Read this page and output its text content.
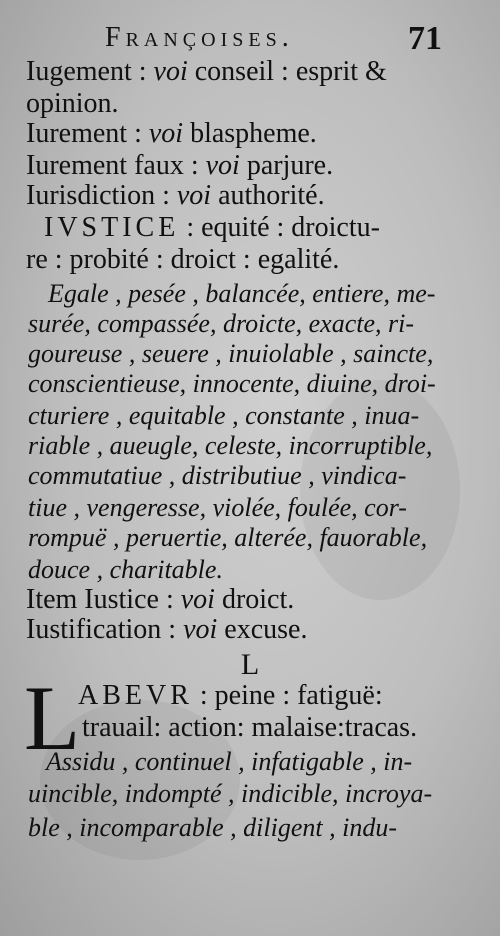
Françoises.	71
Iugement : voi conseil : esprit &
opinion.
Iurement : voi blaspheme.
Iurement faux : voi parjure.
Iurisdiction : voi authorité.
IVSTICE : equité : droictu-
re : probité : droict : egalité.
Egale , pesée , balancée, entiere, me-
surée, compassée, droicte, exacte, ri-
goureuse , seuere , inuiolable , saincte,
conscientieuse, innocente, diuine, droi-
cturiere , equitable , constante , inua-
riable , aueugle, celeste, incorruptible,
commutatiue , distributiue , vindica-
tiue , vengeresse, violée, foulée, cor-
rompuë , peruertie, alterée, fauorable,
douce , charitable.
Item Iustice : voi droict.
Iustification : voi excuse.
L
L
ABEVR : peine : fatiguë:
trauail: action: malaise:tracas.
Assidu , continuel , infatigable , in-
uincible, indompté , indicible, incroya-
ble , incomparable , diligent , indu-
